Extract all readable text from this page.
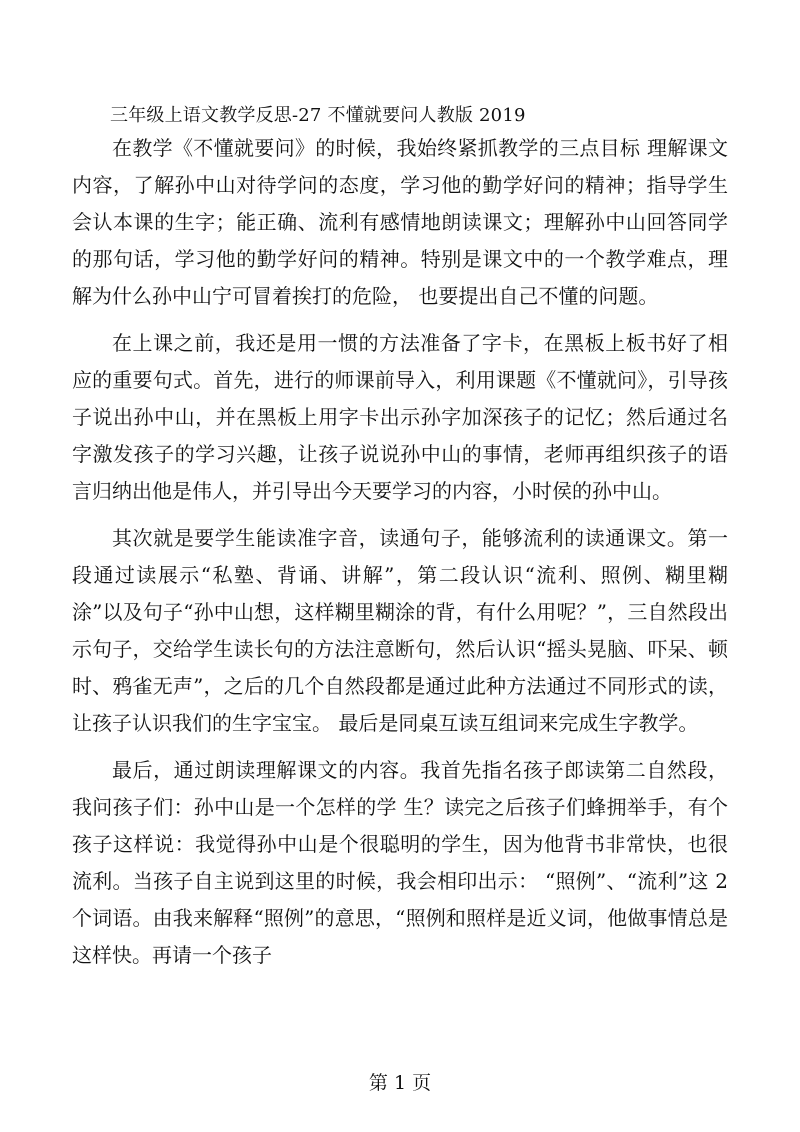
三年级上语文教学反思-27 不懂就要问人教版 2019

在教学《不懂就要问》的时候，我始终紧抓教学的三点目标 理解课文内容，了解孙中山对待学问的态度，学习他的勤学好问的精神；指导学生会认本课的生字；能正确、流利有感情地朗读课文；理解孙中山回答同学的那句话，学习他的勤学好问的精神。特别是课文中的一个教学难点，理解为什么孙中山宁可冒着挨打的危险， 也要提出自己不懂的问题。

在上课之前，我还是用一惯的方法准备了字卡，在黑板上板书好了相应的重要句式。首先，进行的师课前导入，利用课题《不懂就问》，引导孩子说出孙中山，并在黑板上用字卡出示孙字加深孩子的记忆；然后通过名字激发孩子的学习兴趣，让孩子说说孙中山的事情，老师再组织孩子的语言归纳出他是伟人，并引导出今天要学习的内容，小时侯的孙中山。

其次就是要学生能读准字音，读通句子，能够流利的读通课文。第一段通过读展示“私塾、背诵、讲解”，第二段认识“流利、照例、糊里糊涂”以及句子“孙中山想，这样糊里糊涂的背，有什么用呢？”，三自然段出示句子，交给学生读长句的方法注意断句，然后认识“摇头晃脑、吓呆、顿时、鸦雀无声”，之后的几个自然段都是通过此种方法通过不同形式的读，让孩子认识我们的生字宝宝。 最后是同桌互读互组词来完成生字教学。

最后，通过朗读理解课文的内容。我首先指名孩子郎读第二自然段，我问孩子们：孙中山是一个怎样的学 生？读完之后孩子们蜂拥举手，有个孩子这样说：我觉得孙中山是个很聪明的学生，因为他背书非常快，也很流利。当孩子自主说到这里的时候，我会相印出示： “照例”、“流利”这 2 个词语。由我来解释“照例”的意思，“照例和照样是近义词，他做事情总是这样快。再请一个孩子

第 1 页
